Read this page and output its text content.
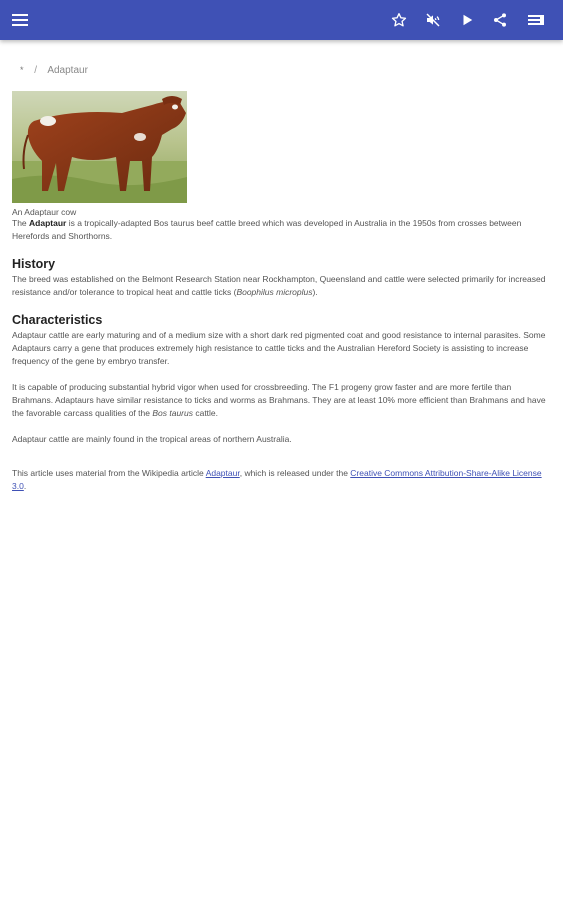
* / Adaptaur
An Adaptaur cow

The Adaptaur is a tropically-adapted Bos taurus beef cattle breed which was developed in Australia in the 1950s from crosses between Herefords and Shorthorns.

History

The breed was established on the Belmont Research Station near Rockhampton, Queensland and cattle were selected primarily for increased resistance and/or tolerance to tropical heat and cattle ticks (Boophilus microplus).

Characteristics

Adaptaur cattle are early maturing and of a medium size with a short dark red pigmented coat and good resistance to internal parasites. Some Adaptaurs carry a gene that produces extremely high resistance to cattle ticks and the Australian Hereford Society is assisting to increase frequency of the gene by embryo transfer.

It is capable of producing substantial hybrid vigor when used for crossbreeding. The F1 progeny grow faster and are more fertile than Brahmans. Adaptaurs have similar resistance to ticks and worms as Brahmans. They are at least 10% more efficient than Brahmans and have the favorable carcass qualities of the Bos taurus cattle.

Adaptaur cattle are mainly found in the tropical areas of northern Australia.

This article uses material from the Wikipedia article Adaptaur, which is released under the Creative Commons Attribution-Share-Alike License 3.0.
